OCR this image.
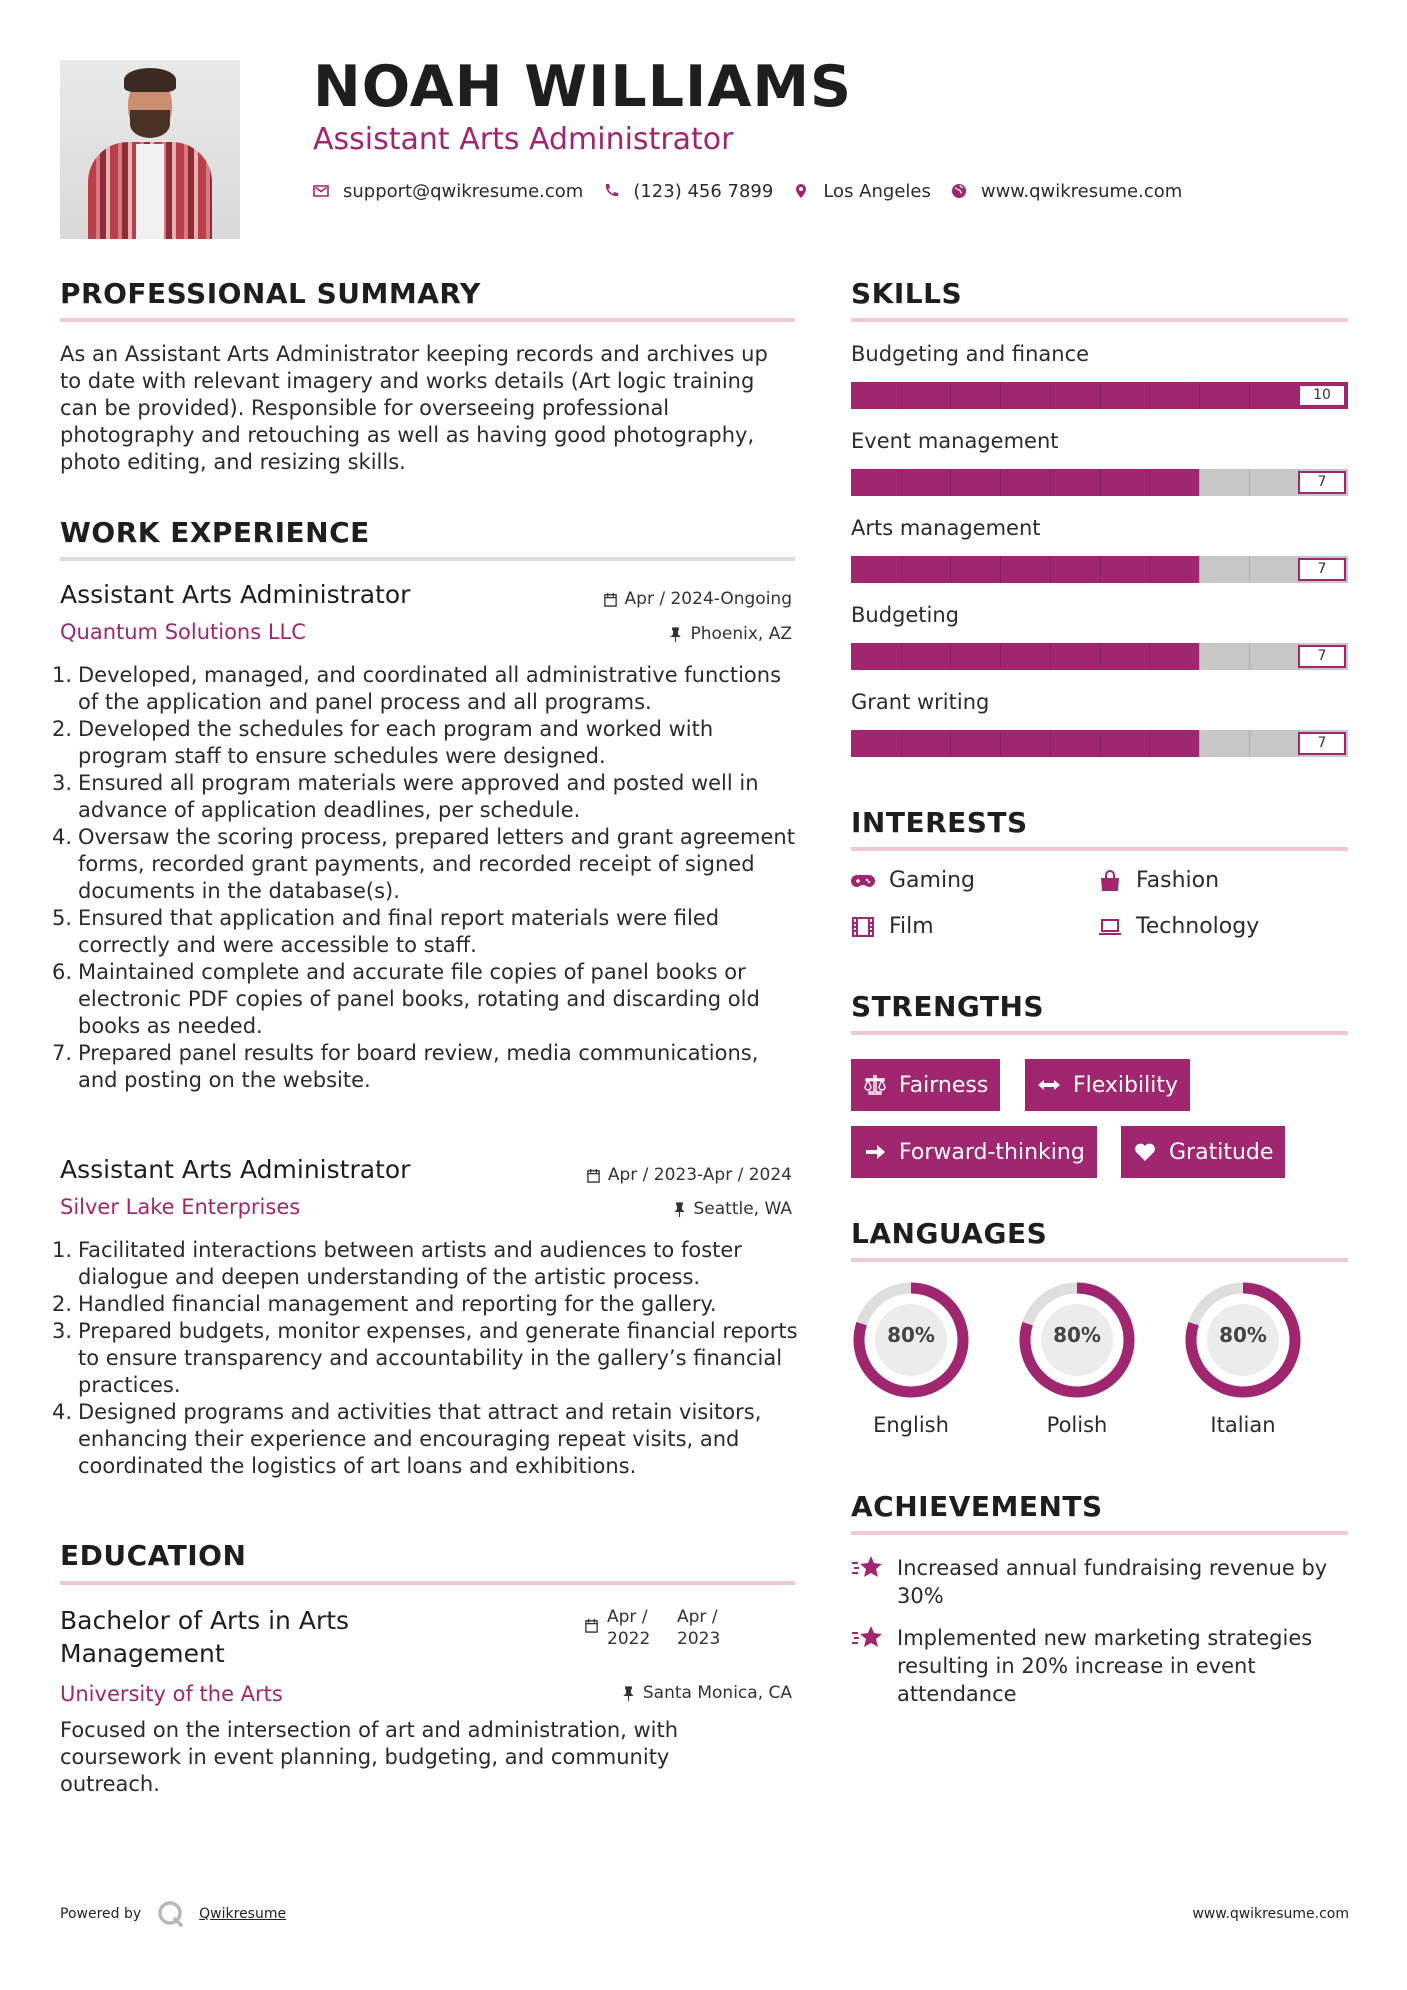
NOAH WILLIAMS
Assistant Arts Administrator
support@qwikresume.com	(123) 456 7899	Los Angeles	www.qwikresume.com
PROFESSIONAL SUMMARY
As an Assistant Arts Administrator keeping records and archives up to date with relevant imagery and works details (Art logic training can be provided). Responsible for overseeing professional photography and retouching as well as having good photography, photo editing, and resizing skills.
WORK EXPERIENCE
Assistant Arts Administrator	Apr / 2024-Ongoing
Quantum Solutions LLC	Phoenix, AZ
1. Developed, managed, and coordinated all administrative functions of the application and panel process and all programs.
2. Developed the schedules for each program and worked with program staff to ensure schedules were designed.
3. Ensured all program materials were approved and posted well in advance of application deadlines, per schedule.
4. Oversaw the scoring process, prepared letters and grant agreement forms, recorded grant payments, and recorded receipt of signed documents in the database(s).
5. Ensured that application and final report materials were filed correctly and were accessible to staff.
6. Maintained complete and accurate file copies of panel books or electronic PDF copies of panel books, rotating and discarding old books as needed.
7. Prepared panel results for board review, media communications, and posting on the website.
Assistant Arts Administrator	Apr / 2023-Apr / 2024
Silver Lake Enterprises	Seattle, WA
1. Facilitated interactions between artists and audiences to foster dialogue and deepen understanding of the artistic process.
2. Handled financial management and reporting for the gallery.
3. Prepared budgets, monitor expenses, and generate financial reports to ensure transparency and accountability in the gallery’s financial practices.
4. Designed programs and activities that attract and retain visitors, enhancing their experience and encouraging repeat visits, and coordinated the logistics of art loans and exhibitions.
EDUCATION
Bachelor of Arts in Arts Management
Apr / 2022
Apr / 2023
University of the Arts	Santa Monica, CA
Focused on the intersection of art and administration, with coursework in event planning, budgeting, and community outreach.
SKILLS
Budgeting and finance
10
Event management
7
Arts management
7
Budgeting
7
Grant writing
7
INTERESTS
Gaming	Fashion
Film	Technology
STRENGTHS
Fairness	Flexibility
Forward-thinking	Gratitude
LANGUAGES
80%
English
80%
Polish
80%
Italian
ACHIEVEMENTS
Increased annual fundraising revenue by 30%
Implemented new marketing strategies resulting in 20% increase in event attendance
Powered by	Qwikresume	www.qwikresume.com
